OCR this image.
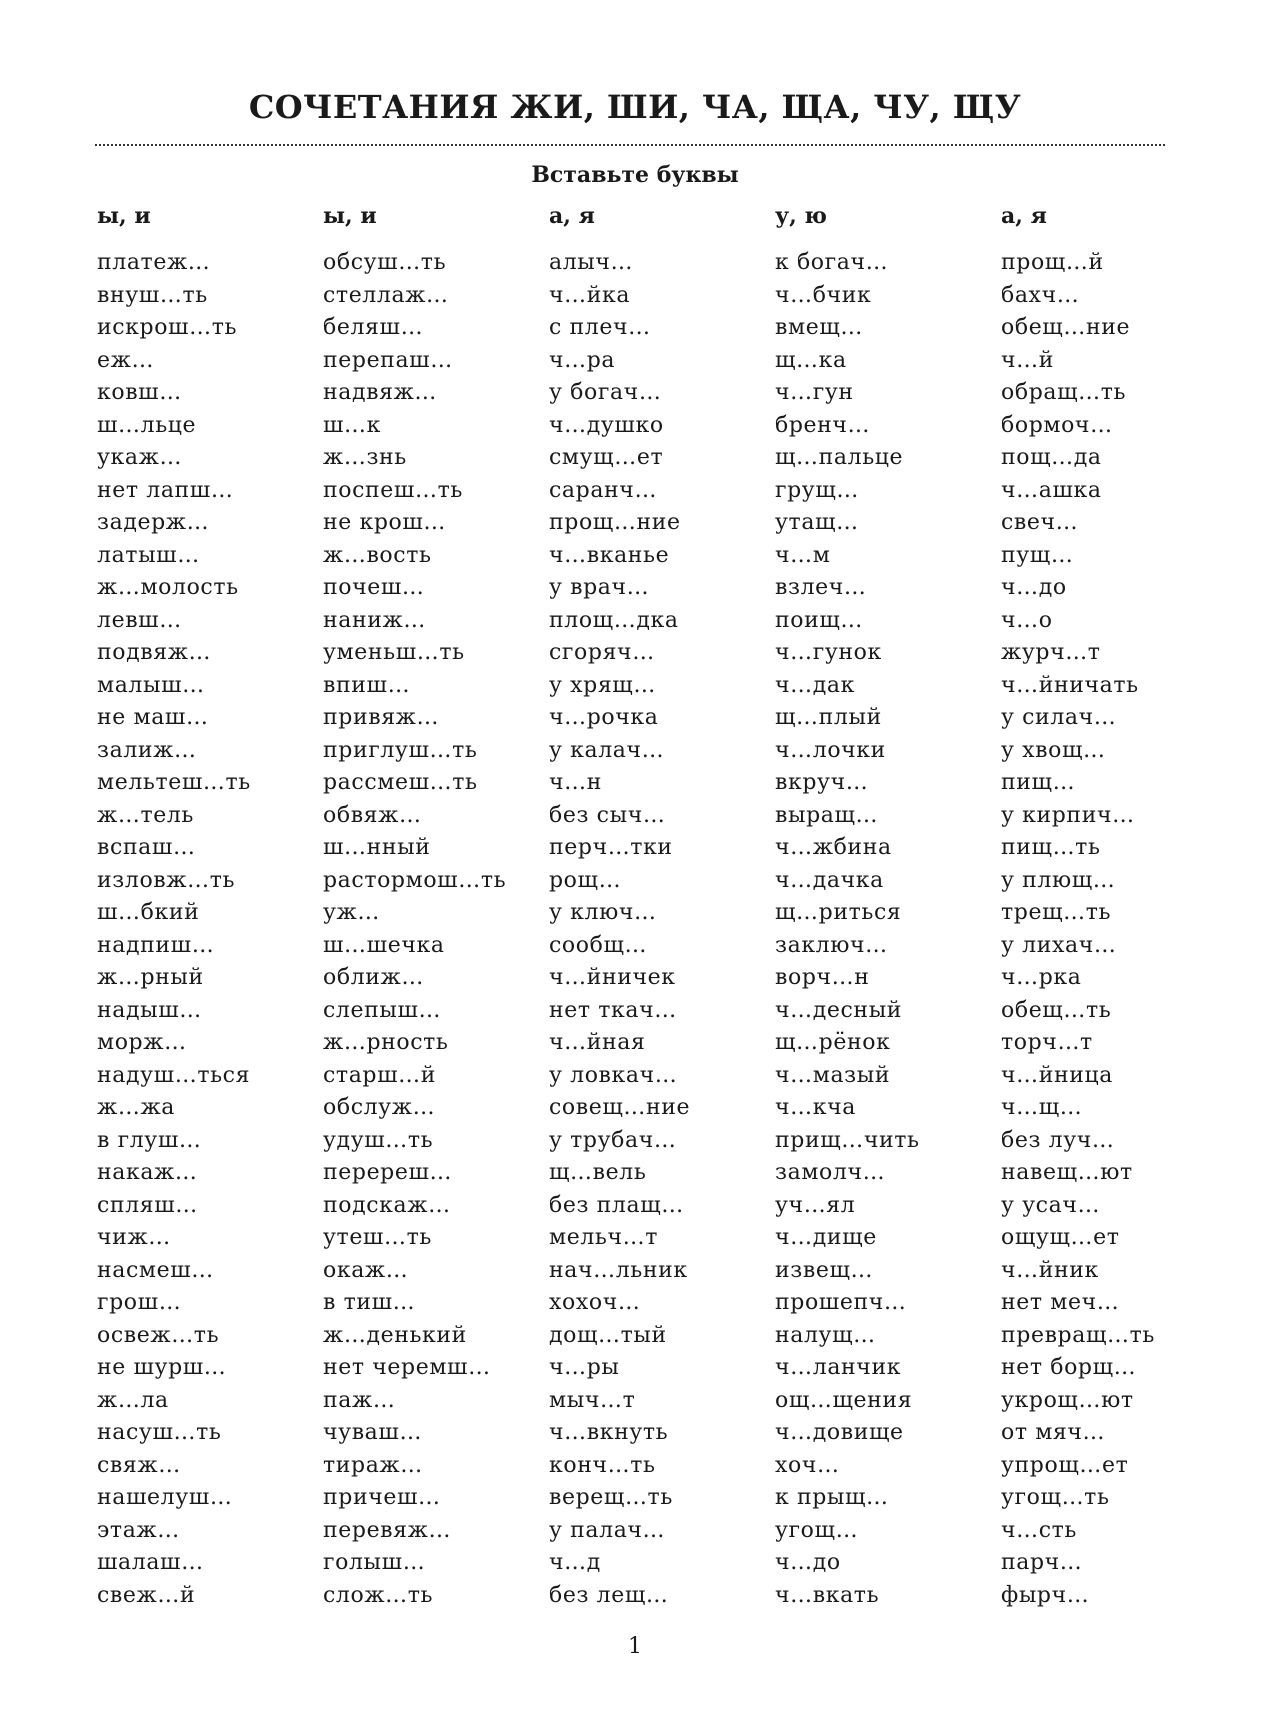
СОЧЕТАНИЯ ЖИ, ШИ, ЧА, ЩА, ЧУ, ЩУ
Вставьте буквы
ы, и
платеж…
внуш…ть
искрош…ть
еж…
ковш…
ш…льце
укаж…
нет лапш…
задерж…
латыш…
ж…молость
левш…
подвяж…
малыш…
не маш…
залиж…
мельтеш…ть
ж…тель
вспаш…
изловж…ть
ш…бкий
надпиш…
ж…рный
надыш…
морж…
надуш…ться
ж…жа
в глуш…
накаж…
спляш…
чиж…
насмеш…
грош…
освеж…ть
не шурш…
ж…ла
насуш…ть
свяж…
нашелуш…
этаж…
шалаш…
свеж…й
ы, и
обсуш…ть
стеллаж…
беляш…
перепаш…
надвяж…
ш…к
ж…знь
поспеш…ть
не крош…
ж…вость
почеш…
наниж…
уменьш…ть
впиш…
привяж…
приглуш…ть
рассмеш…ть
обвяж…
ш…нный
растормош…ть
уж…
ш…шечка
оближ…
слепыш…
ж…рность
старш…й
обслуж…
удуш…ть
перереш…
подскаж…
утеш…ть
окаж…
в тиш…
ж…денький
нет черемш…
паж…
чуваш…
тираж…
причеш…
перевяж…
голыш…
слож…ть
а, я
алыч…
ч…йка
с плеч…
ч…ра
у богач…
ч…душко
смущ…ет
саранч…
прощ…ние
ч…вканье
у врач…
площ…дка
сгоряч…
у хрящ…
ч…рочка
у калач…
ч…н
без сыч…
перч…тки
рощ…
у ключ…
сообщ…
ч…йничек
нет ткач…
ч…йная
у ловкач…
совещ…ние
у трубач…
щ…вель
без плащ…
мельч…т
нач…льник
хохоч…
дощ…тый
ч…ры
мыч…т
ч…вкнуть
конч…ть
верещ…ть
у палач…
ч…д
без лещ…
у, ю
к богач…
ч…бчик
вмещ…
щ…ка
ч…гун
бренч…
щ…пальце
грущ…
утащ…
ч…м
взлеч…
поищ…
ч…гунок
ч…дак
щ…плый
ч…лочки
вкруч…
выращ…
ч…жбина
ч…дачка
щ…риться
заключ…
ворч…н
ч…десный
щ…рёнок
ч…мазый
ч…кча
прищ…чить
замолч…
уч…ял
ч…дище
извещ…
прошепч…
налущ…
ч…ланчик
ощ…щения
ч…довище
хоч…
к прыщ…
угощ…
ч…до
ч…вкать
а, я
прощ…й
бахч…
обещ…ние
ч…й
обращ…ть
бормоч…
пощ…да
ч…ашка
свеч…
пущ…
ч…до
ч…о
журч…т
ч…йничать
у силач…
у хвощ…
пищ…
у кирпич…
пищ…ть
у плющ…
трещ…ть
у лихач…
ч…рка
обещ…ть
торч…т
ч…йница
ч…щ…
без луч…
навещ…ют
у усач…
ощущ…ет
ч…йник
нет меч…
превращ…ть
нет борщ…
укрощ…ют
от мяч…
упрощ…ет
угощ…ть
ч…сть
парч…
фырч…
1
